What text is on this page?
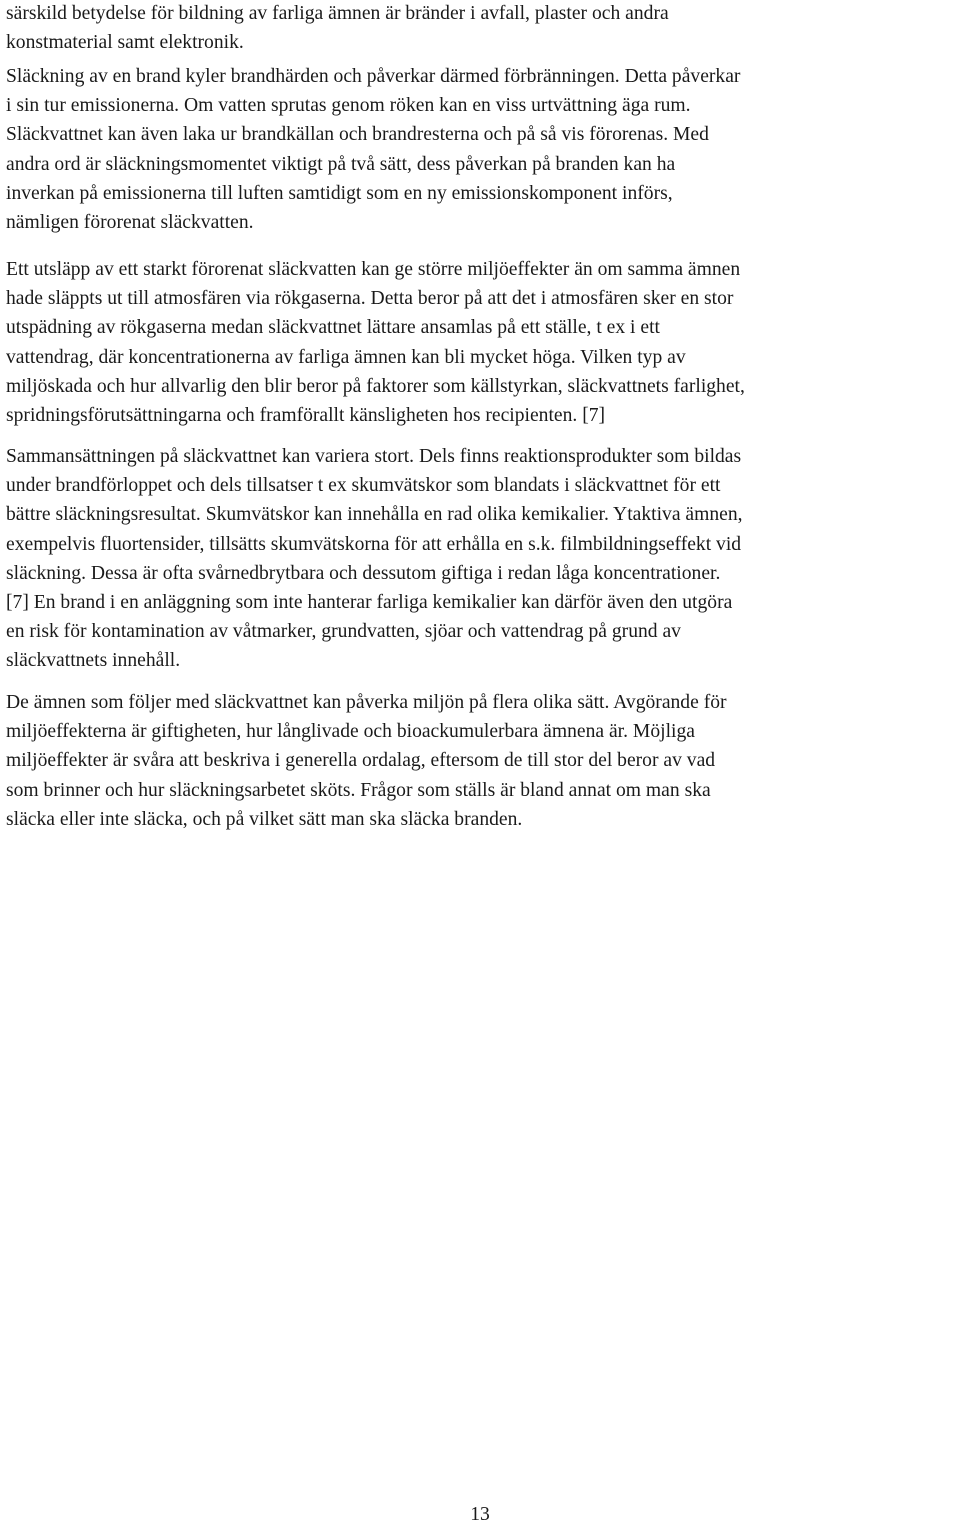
särskild betydelse för bildning av farliga ämnen är bränder i avfall, plaster och andra
konstmaterial samt elektronik.

Släckning av en brand kyler brandhärden och påverkar därmed förbränningen. Detta påverkar
i sin tur emissionerna. Om vatten sprutas genom röken kan en viss urtvättning äga rum.
Släckvattnet kan även laka ur brandkällan och brandresterna och på så vis förorenas. Med
andra ord är släckningsmomentet viktigt på två sätt, dess påverkan på branden kan ha
inverkan på emissionerna till luften samtidigt som en ny emissionskomponent införs,
nämligen förorenat släckvatten.

Ett utsläpp av ett starkt förorenat släckvatten kan ge större miljöeffekter än om samma ämnen
hade släppts ut till atmosfären via rökgaserna. Detta beror på att det i atmosfären sker en stor
utspädning av rökgaserna medan släckvattnet lättare ansamlas på ett ställe, t ex i ett
vattendrag, där koncentrationerna av farliga ämnen kan bli mycket höga. Vilken typ av
miljöskada och hur allvarlig den blir beror på faktorer som källstyrkan, släckvattnets farlighet,
spridningsförutsättningarna och framförallt känsligheten hos recipienten. [7]

Sammansättningen på släckvattnet kan variera stort. Dels finns reaktionsprodukter som bildas
under brandförloppet och dels tillsatser t ex skumvätskor som blandats i släckvattnet för ett
bättre släckningsresultat. Skumvätskor kan innehålla en rad olika kemikalier. Ytaktiva ämnen,
exempelvis fluortensider, tillsätts skumvätskorna för att erhålla en s.k. filmbildningseffekt vid
släckning. Dessa är ofta svårnedbrytbara och dessutom giftiga i redan låga koncentrationer.
[7] En brand i en anläggning som inte hanterar farliga kemikalier kan därför även den utgöra
en risk för kontamination av våtmarker, grundvatten, sjöar och vattendrag på grund av
släckvattnets innehåll.

De ämnen som följer med släckvattnet kan påverka miljön på flera olika sätt. Avgörande för
miljöeffekterna är giftigheten, hur långlivade och bioackumulerbara ämnena är. Möjliga
miljöeffekter är svåra att beskriva i generella ordalag, eftersom de till stor del beror av vad
som brinner och hur släckningsarbetet sköts. Frågor som ställs är bland annat om man ska
släcka eller inte släcka, och på vilket sätt man ska släcka branden.

13
